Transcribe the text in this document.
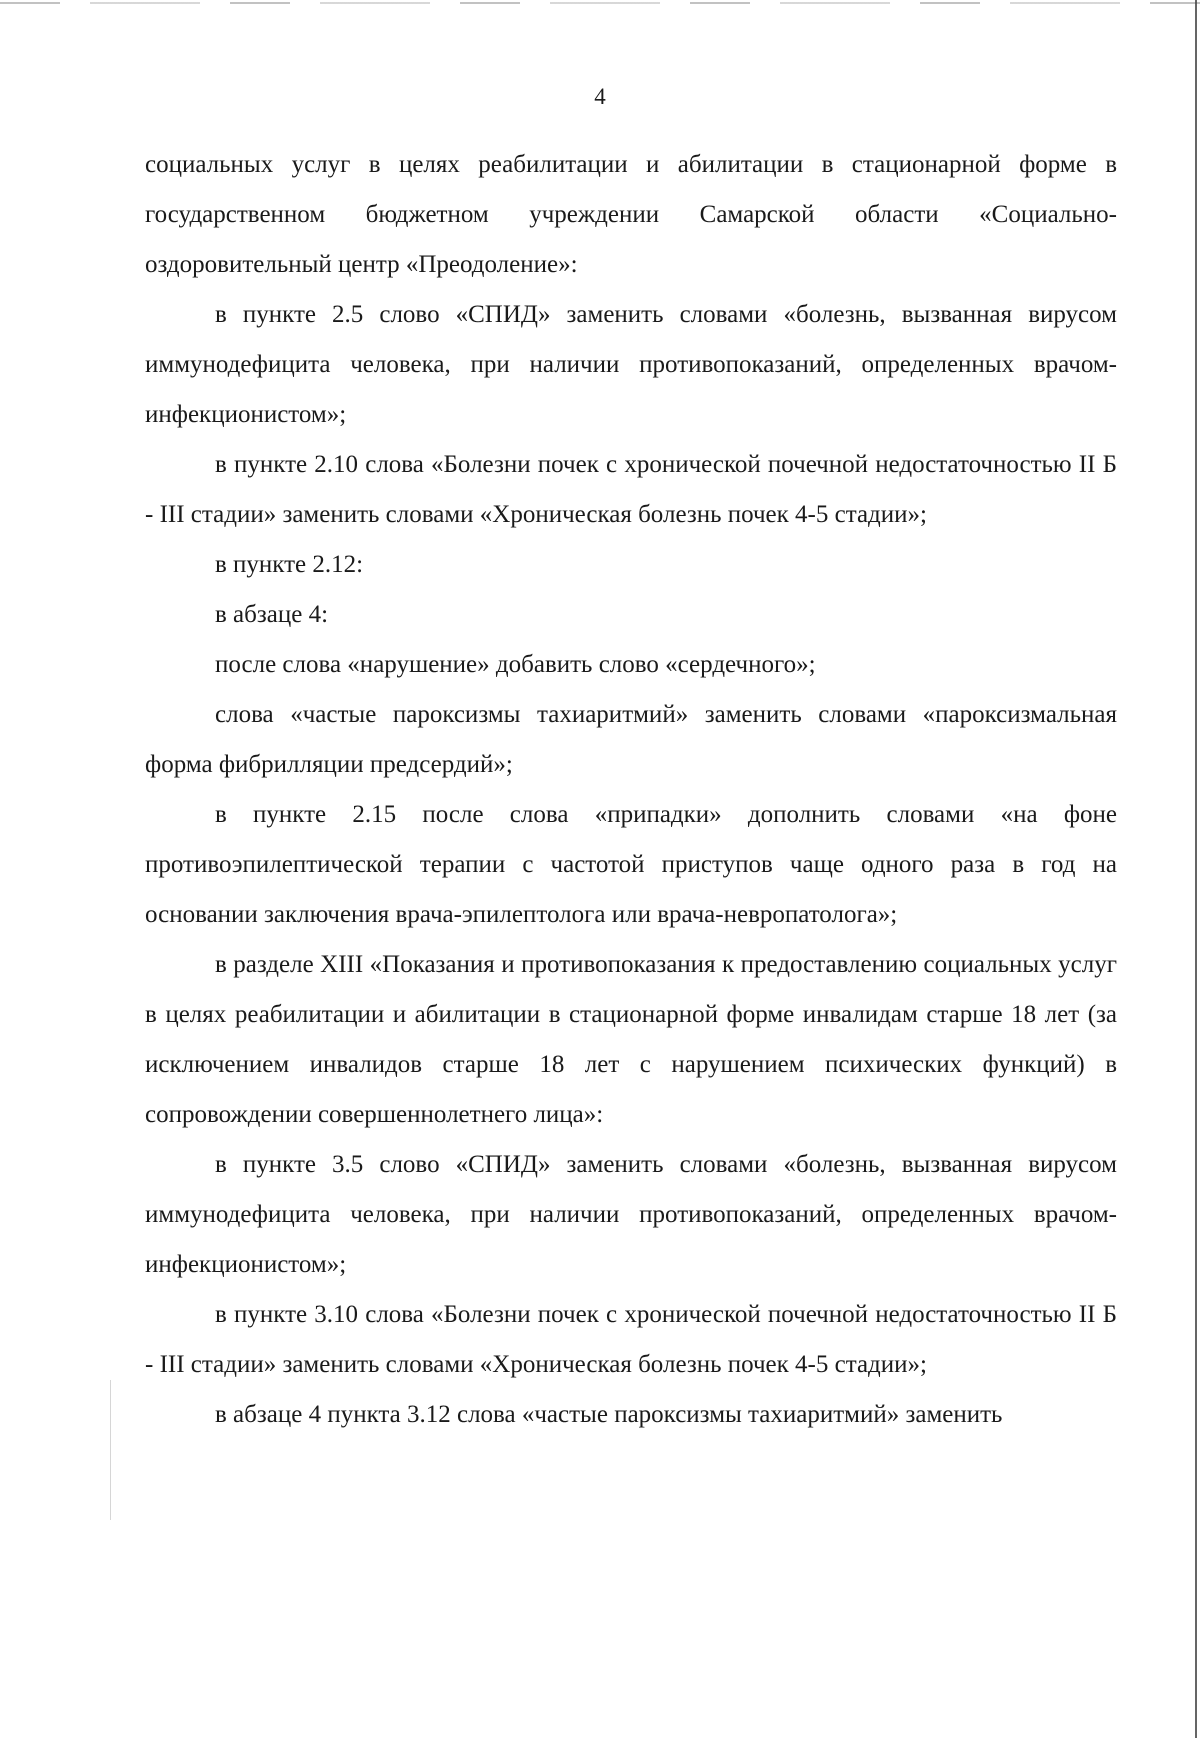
4

социальных услуг в целях реабилитации и абилитации в стационарной форме в государственном бюджетном учреждении Самарской области «Социально-оздоровительный центр «Преодоление»:

в пункте 2.5 слово «СПИД» заменить словами «болезнь, вызванная вирусом иммунодефицита человека, при наличии противопоказаний, определенных врачом-инфекционистом»;

в пункте 2.10 слова «Болезни почек с хронической почечной недостаточностью II Б - III стадии» заменить словами «Хроническая болезнь почек 4-5 стадии»;

в пункте 2.12:

в абзаце 4:

после слова «нарушение» добавить слово «сердечного»;

слова «частые пароксизмы тахиаритмий» заменить словами «пароксизмальная форма фибрилляции предсердий»;

в пункте 2.15 после слова «припадки» дополнить словами «на фоне противоэпилептической терапии с частотой приступов чаще одного раза в год на основании заключения врача-эпилептолога или врача-невропатолога»;

в разделе XIII «Показания и противопоказания к предоставлению социальных услуг в целях реабилитации и абилитации в стационарной форме инвалидам старше 18 лет (за исключением инвалидов старше 18 лет с нарушением психических функций) в сопровождении совершеннолетнего лица»:

в пункте 3.5 слово «СПИД» заменить словами «болезнь, вызванная вирусом иммунодефицита человека, при наличии противопоказаний, определенных врачом-инфекционистом»;

в пункте 3.10 слова «Болезни почек с хронической почечной недостаточностью II Б - III стадии» заменить словами «Хроническая болезнь почек 4-5 стадии»;

в абзаце 4 пункта 3.12 слова «частые пароксизмы тахиаритмий» заменить
